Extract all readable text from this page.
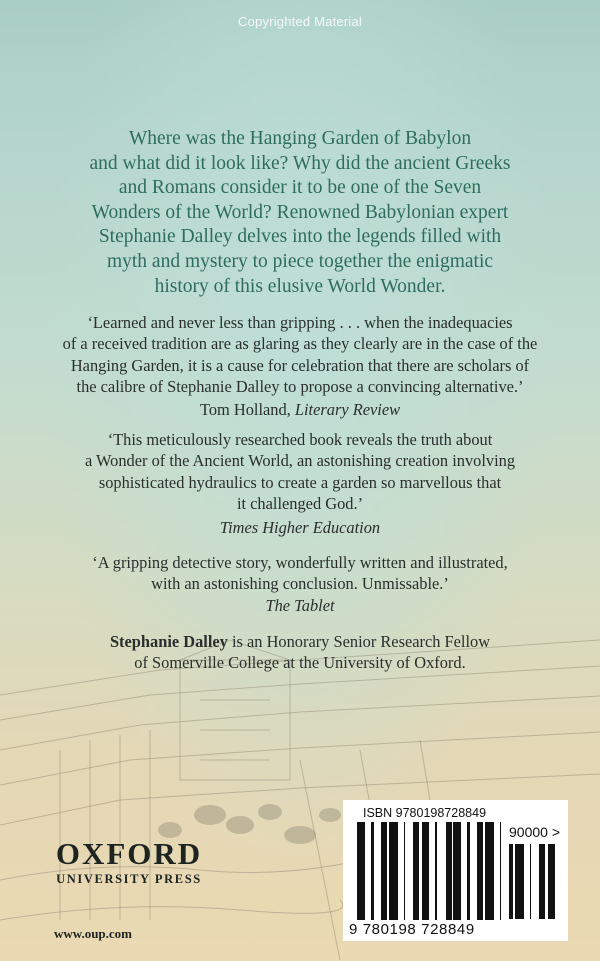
Copyrighted Material
Where was the Hanging Garden of Babylon
and what did it look like? Why did the ancient Greeks
and Romans consider it to be one of the Seven
Wonders of the World? Renowned Babylonian expert
Stephanie Dalley delves into the legends filled with
myth and mystery to piece together the enigmatic
history of this elusive World Wonder.
‘Learned and never less than gripping . . . when the inadequacies
of a received tradition are as glaring as they clearly are in the case of the
Hanging Garden, it is a cause for celebration that there are scholars of
the calibre of Stephanie Dalley to propose a convincing alternative.’
Tom Holland, Literary Review
‘This meticulously researched book reveals the truth about
a Wonder of the Ancient World, an astonishing creation involving
sophisticated hydraulics to create a garden so marvellous that
it challenged God.’
Times Higher Education
‘A gripping detective story, wonderfully written and illustrated,
with an astonishing conclusion. Unmissable.’
The Tablet
Stephanie Dalley is an Honorary Senior Research Fellow
of Somerville College at the University of Oxford.
OXFORD
UNIVERSITY PRESS
www.oup.com
ISBN 9780198728849
90000 >
9 780198 728849
